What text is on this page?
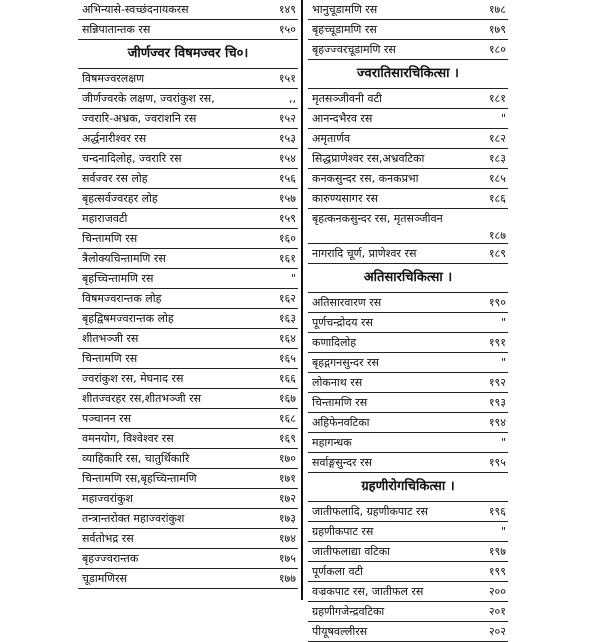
अभिन्यासे-स्वच्छंदनायकरस	१४९
सन्निपातान्तक रस	१५०
जीर्णज्वर विषमज्वर चि०।
विषमज्वरलक्षण	१५१
जीर्णज्वरके लक्षण, ज्वरांकुश रस,	,,
ज्वरारि-अभ्रक, ज्वराशनि रस	१५२
अर्द्धनारीश्वर रस	१५३
चन्दनादिलोह, ज्वरारि रस	१५४
सर्वज्वर रस लोह	१५६
बृहत्सर्वज्वरहर लोह	१५७
महाराजवटी	१५९
चिन्तामणि रस	१६०
त्रैलोक्यचिन्तामणि रस	१६१
बृहच्चिन्तामणि रस	"
विषमज्वरान्तक लोह	१६२
बृहद्विषमज्वरान्तक लोह	१६३
शीतभञ्जी रस	१६४
चिन्तामणि रस	१६५
ज्वरांकुश रस, मेघनाद रस	१६६
शीतज्वरहर रस,शीतभञ्जी रस	१६७
पञ्चानन रस	१६८
वमनयोग, विश्वेश्वर रस	१६९
व्याहिकारि रस, चातुर्थिकारि	१७०
चिन्तामणि रस,बृहच्चिन्तामणि	१७१
महाज्वरांकुश	१७२
तन्त्रान्तरोक्त महाज्वरांकुश	१७३
सर्वतोभद्र रस	१७४
बृहज्ज्वरान्तक	१७५
चूडामणिरस	१७७
भानुचूडामणि रस	१७८
बृहच्चूडामणि रस	१७९
बृहज्ज्वरचूडामणि रस	१८०
ज्वरातिसारचिकित्सा ।
मृतसञ्जीवनी वटी	१८१
आनन्दभैरव रस	"
अमृतार्णव	१८२
सिद्धप्राणेश्वर रस,अभ्रवटिका	१८३
कनकसुन्दर रस, कनकप्रभा	१८५
कारुण्यसागर रस	१८६
बृहत्कनकसुन्दर रस, मृतसञ्जीवन
१८७
नागरादि चूर्ण, प्राणेश्वर रस	१८९
अतिसारचिकित्सा ।
अतिसारवारण रस	१९०
पूर्णचन्द्रोदय रस	"
कणादिलोह	१९१
बृहद्गगनसुन्दर रस	"
लोकनाथ रस	१९२
चिन्तामणि रस	१९३
अहिफेनवटिका	१९४
महागन्धक	"
सर्वाङ्गसुन्दर रस	१९५
ग्रहणीरोगचिकित्सा ।
जातीफलादि, ग्रहणीकपाट रस	१९६
ग्रहणीकपाट रस	"
जातीफलाद्या वटिका	१९७
पूर्णकला वटी	१९९
वज्रकपाट रस, जातीफल रस	२००
ग्रहणीगजेन्द्रवटिका	२०१
पीयूषवल्लीरस	२०२
